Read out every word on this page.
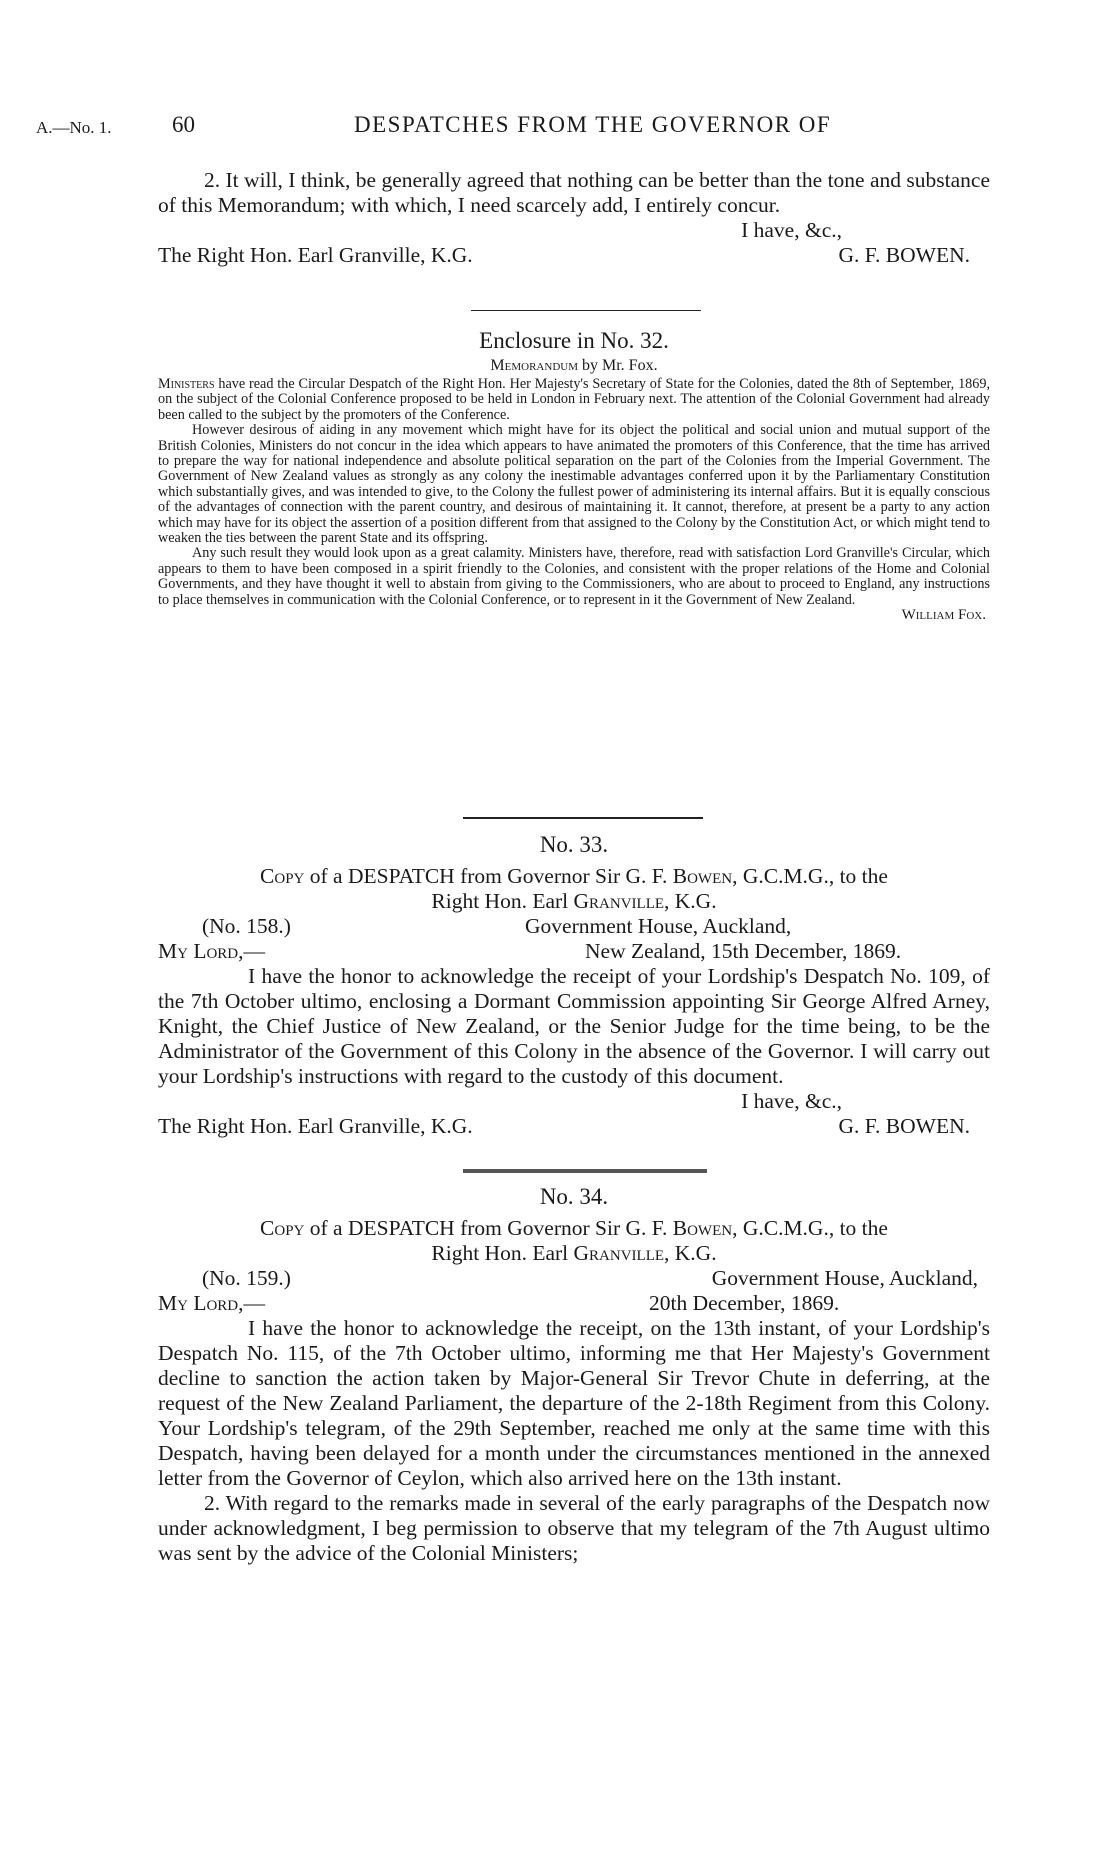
A.—No. 1.	60	DESPATCHES FROM THE GOVERNOR OF

2. It will, I think, be generally agreed that nothing can be better than the tone and substance of this Memorandum; with which, I need scarcely add, I entirely concur.

I have, &c.,

The Right Hon. Earl Granville, K.G.	G. F. BOWEN.

Enclosure in No. 32.

Memorandum by Mr. Fox.

Ministers have read the Circular Despatch of the Right Hon. Her Majesty's Secretary of State for the Colonies, dated the 8th of September, 1869, on the subject of the Colonial Conference proposed to be held in London in February next. The attention of the Colonial Government had already been called to the subject by the promoters of the Conference.

However desirous of aiding in any movement which might have for its object the political and social union and mutual support of the British Colonies, Ministers do not concur in the idea which appears to have animated the promoters of this Conference, that the time has arrived to prepare the way for national independence and absolute political separation on the part of the Colonies from the Imperial Government. The Government of New Zealand values as strongly as any colony the inestimable advantages conferred upon it by the Parliamentary Constitution which substantially gives, and was intended to give, to the Colony the fullest power of administering its internal affairs. But it is equally conscious of the advantages of connection with the parent country, and desirous of maintaining it. It cannot, therefore, at present be a party to any action which may have for its object the assertion of a position different from that assigned to the Colony by the Constitution Act, or which might tend to weaken the ties between the parent State and its offspring.

Any such result they would look upon as a great calamity. Ministers have, therefore, read with satisfaction Lord Granville's Circular, which appears to them to have been composed in a spirit friendly to the Colonies, and consistent with the proper relations of the Home and Colonial Governments, and they have thought it well to abstain from giving to the Commissioners, who are about to proceed to England, any instructions to place themselves in communication with the Colonial Conference, or to represent in it the Government of New Zealand.

William Fox.

No. 33.

Copy of a DESPATCH from Governor Sir G. F. Bowen, G.C.M.G., to the

Right Hon. Earl Granville, K.G.

(No. 158.)	Government House, Auckland,
My Lord,—	New Zealand, 15th December, 1869.

I have the honor to acknowledge the receipt of your Lordship's Despatch No. 109, of the 7th October ultimo, enclosing a Dormant Commission appointing Sir George Alfred Arney, Knight, the Chief Justice of New Zealand, or the Senior Judge for the time being, to be the Administrator of the Government of this Colony in the absence of the Governor. I will carry out your Lordship's instructions with regard to the custody of this document.

I have, &c.,

The Right Hon. Earl Granville, K.G.	G. F. BOWEN.

No. 34.

Copy of a DESPATCH from Governor Sir G. F. Bowen, G.C.M.G., to the

Right Hon. Earl Granville, K.G.

(No. 159.)	Government House, Auckland,
My Lord,—	20th December, 1869.

I have the honor to acknowledge the receipt, on the 13th instant, of your Lordship's Despatch No. 115, of the 7th October ultimo, informing me that Her Majesty's Government decline to sanction the action taken by Major-General Sir Trevor Chute in deferring, at the request of the New Zealand Parliament, the departure of the 2-18th Regiment from this Colony. Your Lordship's telegram, of the 29th September, reached me only at the same time with this Despatch, having been delayed for a month under the circumstances mentioned in the annexed letter from the Governor of Ceylon, which also arrived here on the 13th instant.

2. With regard to the remarks made in several of the early paragraphs of the Despatch now under acknowledgment, I beg permission to observe that my telegram of the 7th August ultimo was sent by the advice of the Colonial Ministers;
